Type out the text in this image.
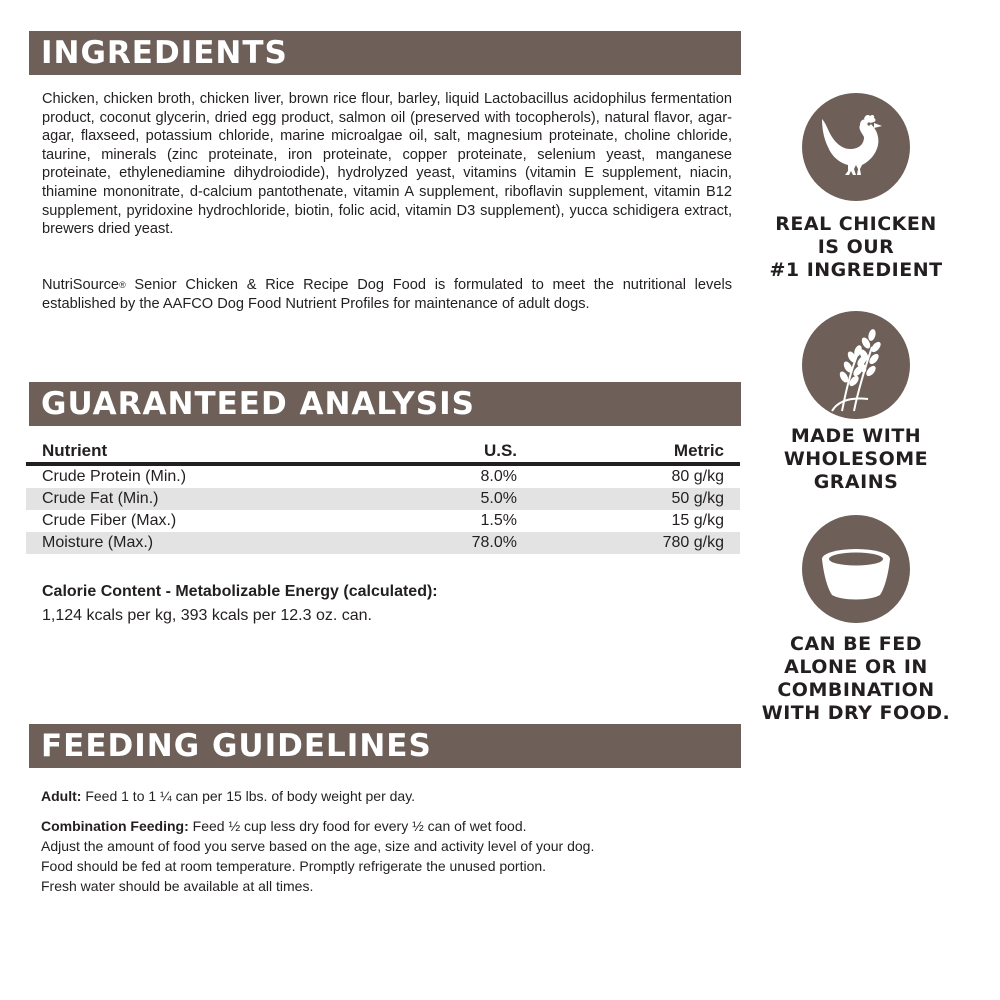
INGREDIENTS

Chicken, chicken broth, chicken liver, brown rice flour, barley, liquid Lactobacillus acidophilus fermentation product, coconut glycerin, dried egg product, salmon oil (preserved with tocopherols), natural flavor, agar-agar, flaxseed, potassium chloride, marine microalgae oil, salt, magnesium proteinate, choline chloride, taurine, minerals (zinc proteinate, iron proteinate, copper proteinate, selenium yeast, manganese proteinate, ethylenediamine dihydroiodide), hydrolyzed yeast, vitamins (vitamin E supplement, niacin, thiamine mononitrate, d-calcium pantothenate, vitamin A supplement, riboflavin supplement, vitamin B12 supplement, pyridoxine hydrochloride, biotin, folic acid, vitamin D3 supplement), yucca schidigera extract, brewers dried yeast.

NutriSource® Senior Chicken & Rice Recipe Dog Food is formulated to meet the nutritional levels established by the AAFCO Dog Food Nutrient Profiles for maintenance of adult dogs.

GUARANTEED ANALYSIS
Nutrient	U.S.	Metric
Crude Protein (Min.)	8.0%	80 g/kg
Crude Fat (Min.)	5.0%	50 g/kg
Crude Fiber (Max.)	1.5%	15 g/kg
Moisture (Max.)	78.0%	780 g/kg
Calorie Content - Metabolizable Energy (calculated):
1,124 kcals per kg, 393 kcals per 12.3 oz. can.
FEEDING GUIDELINES
Adult: Feed 1 to 1 ¼ can per 15 lbs. of body weight per day.
Combination Feeding: Feed ½ cup less dry food for every ½ can of wet food.
Adjust the amount of food you serve based on the age, size and activity level of your dog.
Food should be fed at room temperature. Promptly refrigerate the unused portion.
Fresh water should be available at all times.
REAL CHICKEN
IS OUR
#1 INGREDIENT
MADE WITH
WHOLESOME
GRAINS
CAN BE FED
ALONE OR IN
COMBINATION
WITH DRY FOOD.
